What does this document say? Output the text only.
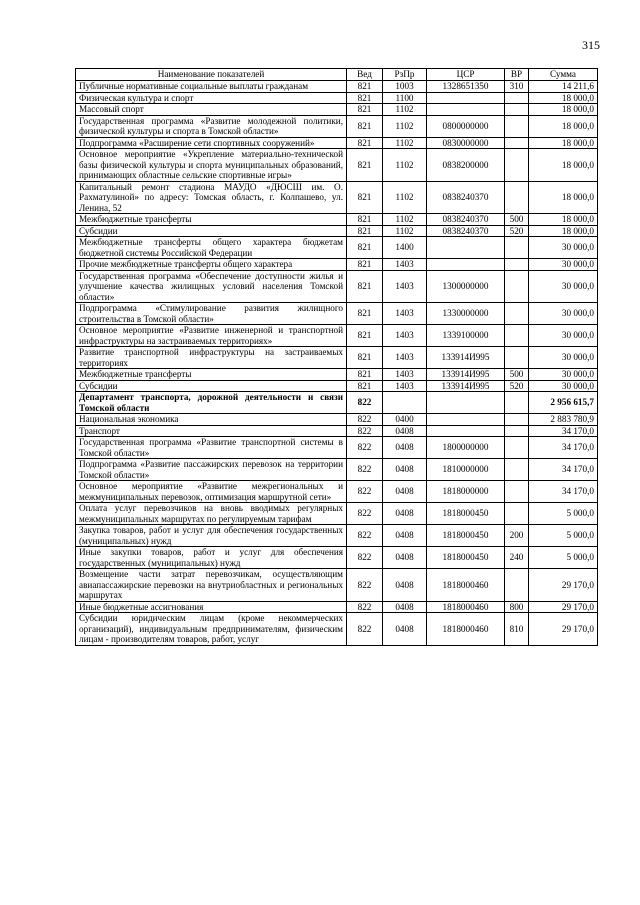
315
Наименование показателей	Вед	РзПр	ЦСР	ВР	Сумма
Публичные нормативные социальные выплаты гражданам	821	1003	1328651350	310	14 211,6
Физическая культура и спорт	821	1100			18 000,0
Массовый спорт	821	1102			18 000,0
Государственная программа «Развитие молодежной политики, физической культуры и спорта в Томской области»	821	1102	0800000000		18 000,0
Подпрограмма «Расширение сети спортивных сооружений»	821	1102	0830000000		18 000,0
Основное мероприятие «Укрепление материально-технической базы физической культуры и спорта муниципальных образований, принимающих областные сельские спортивные игры»	821	1102	0838200000		18 000,0
Капитальный ремонт стадиона МАУДО «ДЮСШ им. О. Рахматулиной» по адресу: Томская область, г. Колпашево, ул. Ленина, 52	821	1102	0838240370		18 000,0
Межбюджетные трансферты	821	1102	0838240370	500	18 000,0
Субсидии	821	1102	0838240370	520	18 000,0
Межбюджетные трансферты общего характера бюджетам бюджетной системы Российской Федерации	821	1400			30 000,0
Прочие межбюджетные трансферты общего характера	821	1403			30 000,0
Государственная программа «Обеспечение доступности жилья и улучшение качества жилищных условий населения Томской области»	821	1403	1300000000		30 000,0
Подпрограмма «Стимулирование развития жилищного строительства в Томской области»	821	1403	1330000000		30 000,0
Основное мероприятие «Развитие инженерной и транспортной инфраструктуры на застраиваемых территориях»	821	1403	1339100000		30 000,0
Развитие транспортной инфраструктуры на застраиваемых территориях	821	1403	133914И995		30 000,0
Межбюджетные трансферты	821	1403	133914И995	500	30 000,0
Субсидии	821	1403	133914И995	520	30 000,0
Департамент транспорта, дорожной деятельности и связи Томской области	822				2 956 615,7
Национальная экономика	822	0400			2 883 780,9
Транспорт	822	0408			34 170,0
Государственная программа «Развитие транспортной системы в Томской области»	822	0408	1800000000		34 170,0
Подпрограмма «Развитие пассажирских перевозок на территории Томской области»	822	0408	1810000000		34 170,0
Основное мероприятие «Развитие межрегиональных и межмуниципальных перевозок, оптимизация маршрутной сети»	822	0408	1818000000		34 170,0
Оплата услуг перевозчиков на вновь вводимых регулярных межмуниципальных маршрутах по регулируемым тарифам	822	0408	1818000450		5 000,0
Закупка товаров, работ и услуг для обеспечения государственных (муниципальных) нужд	822	0408	1818000450	200	5 000,0
Иные закупки товаров, работ и услуг для обеспечения государственных (муниципальных) нужд	822	0408	1818000450	240	5 000,0
Возмещение части затрат перевозчикам, осуществляющим авиапассажирские перевозки на внутриобластных и региональных маршрутах	822	0408	1818000460		29 170,0
Иные бюджетные ассигнования	822	0408	1818000460	800	29 170,0
Субсидии юридическим лицам (кроме некоммерческих организаций), индивидуальным предпринимателям, физическим лицам - производителям товаров, работ, услуг	822	0408	1818000460	810	29 170,0
